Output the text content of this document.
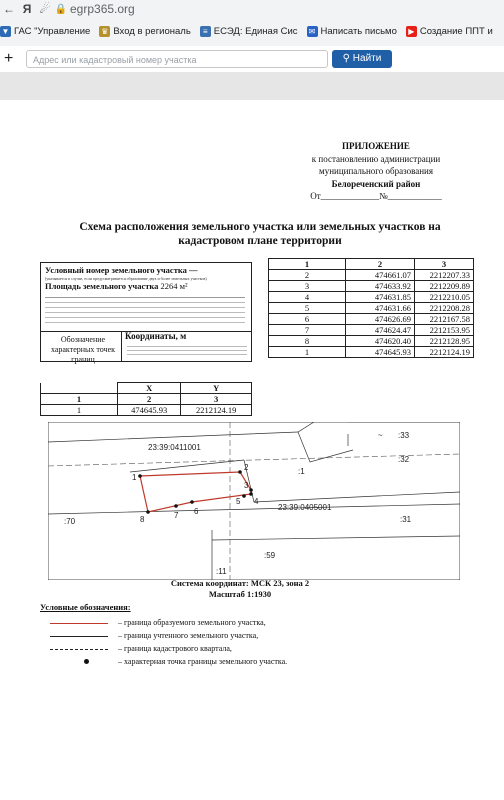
← Я ☄ 🔒 egrp365.org
▼ ГАС "Управление ♛ Вход в региональ	≡ ЕСЭД: Единая Сис ✉ Написать письмо	▶ Создание ППТ и
+	Адрес или кадастровый номер участка	⚲ Найти
ПРИЛОЖЕНИЕ
к постановлению администрации
муниципального образования
Белореченский район
От_____________№____________
Схема расположения земельного участка или земельных участков на
кадастровом плане территории
Условный номер земельного участка —
(указывается в случае, если предусматривается образование двух и более земельных участков)
Площадь земельного участка 2264 м²
Обозначение характерных точек границ
Координаты, м
	X	Y
1	2	3
1	474645.93	2212124.19
1	2	3
2	474661.07	2212207.33
3	474633.92	2212209.89
4	474631.85	2212210.05
5	474631.66	2212208.28
6	474626.69	2212167.58
7	474624.47	2212153.95
8	474620.40	2212128.95
1	474645.93	2212124.19
~ :33
23:39:0411001
:32
:1
23:39:0405001
:31
:70
:59
:11
1
2
3
4
5
6
7
8
Система координат: МСК 23, зона 2
Масштаб 1:1930
Условные обозначения:
– граница образуемого земельного участка,
– граница учтенного земельного участка,
– граница кадастрового квартала,
– характерная точка границы земельного участка.
